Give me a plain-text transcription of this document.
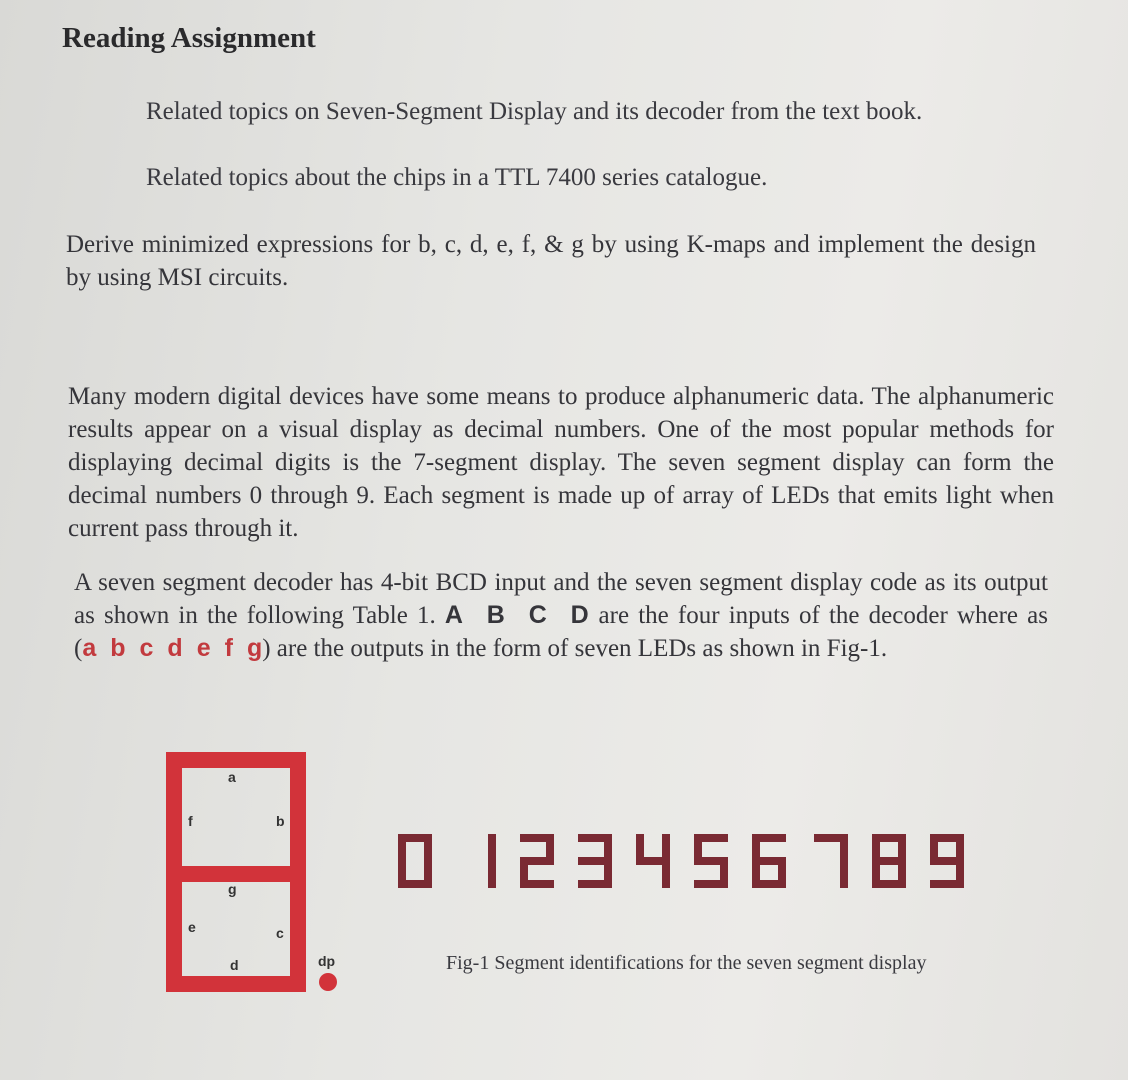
Reading Assignment
Related topics on Seven-Segment Display and its decoder from the text book.
Related topics about the chips in a TTL 7400 series catalogue.
Derive minimized expressions for b, c, d, e, f, & g by using K-maps and implement the design by using MSI circuits.
Many modern digital devices have some means to produce alphanumeric data. The alphanumeric results appear on a visual display as decimal numbers. One of the most popular methods for displaying decimal digits is the 7-segment display. The seven segment display can form the decimal numbers 0 through 9. Each segment is made up of array of LEDs that emits light when current pass through it.
A seven segment decoder has 4-bit BCD input and the seven segment display code as its output as shown in the following Table 1. A B C D are the four inputs of the decoder where as (a b c d e f g) are the outputs in the form of seven LEDs as shown in Fig-1.
a
f	b
g
e	c
d	dp	Fig-1 Segment identifications for the seven segment display
